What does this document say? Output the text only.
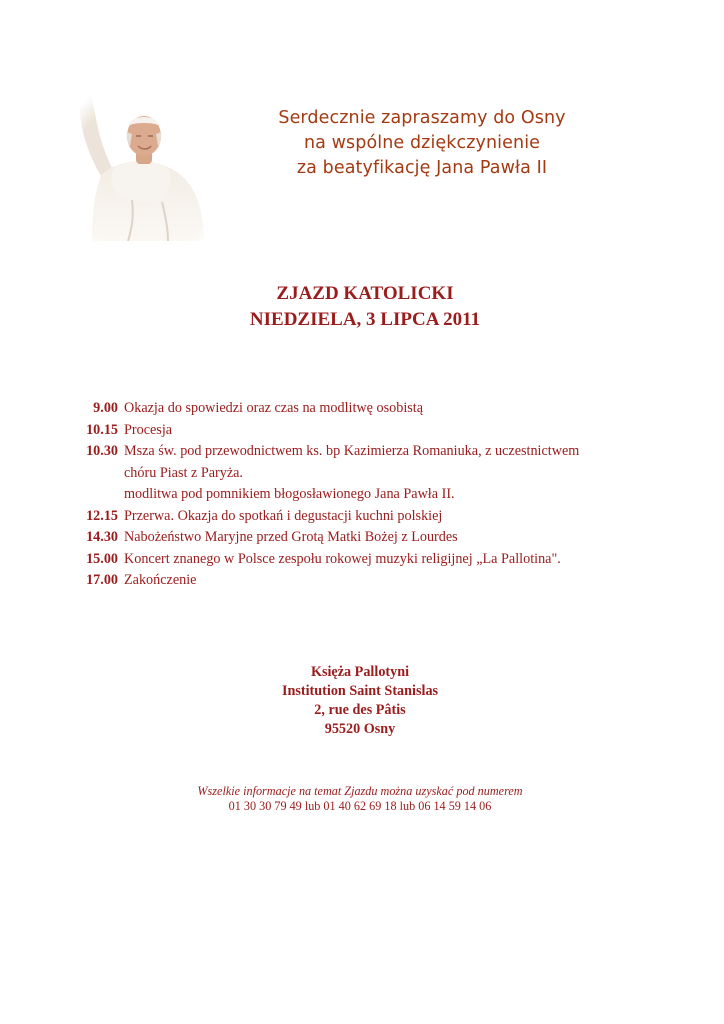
Serdecznie zapraszamy do Osny
na wspólne dziękczynienie
za beatyfikację Jana Pawła II
ZJAZD KATOLICKI
NIEDZIELA, 3 LIPCA 2011
9.00 Okazja do spowiedzi oraz czas na modlitwę osobistą
10.15 Procesja
10.30 Msza św. pod przewodnictwem ks. bp Kazimierza Romaniuka, z uczestnictwem
chóru Piast z Paryża.
modlitwa pod pomnikiem błogosławionego Jana Pawła II.
12.15 Przerwa. Okazja do spotkań i degustacji kuchni polskiej
14.30 Nabożeństwo Maryjne przed Grotą Matki Bożej z Lourdes
15.00 Koncert znanego w Polsce zespołu rokowej muzyki religijnej „La Pallotina".
17.00 Zakończenie
Księża Pallotyni
Institution Saint Stanislas
2, rue des Pâtis
95520 Osny
Wszelkie informacje na temat Zjazdu można uzyskać pod numerem
01 30 30 79 49 lub 01 40 62 69 18 lub 06 14 59 14 06
